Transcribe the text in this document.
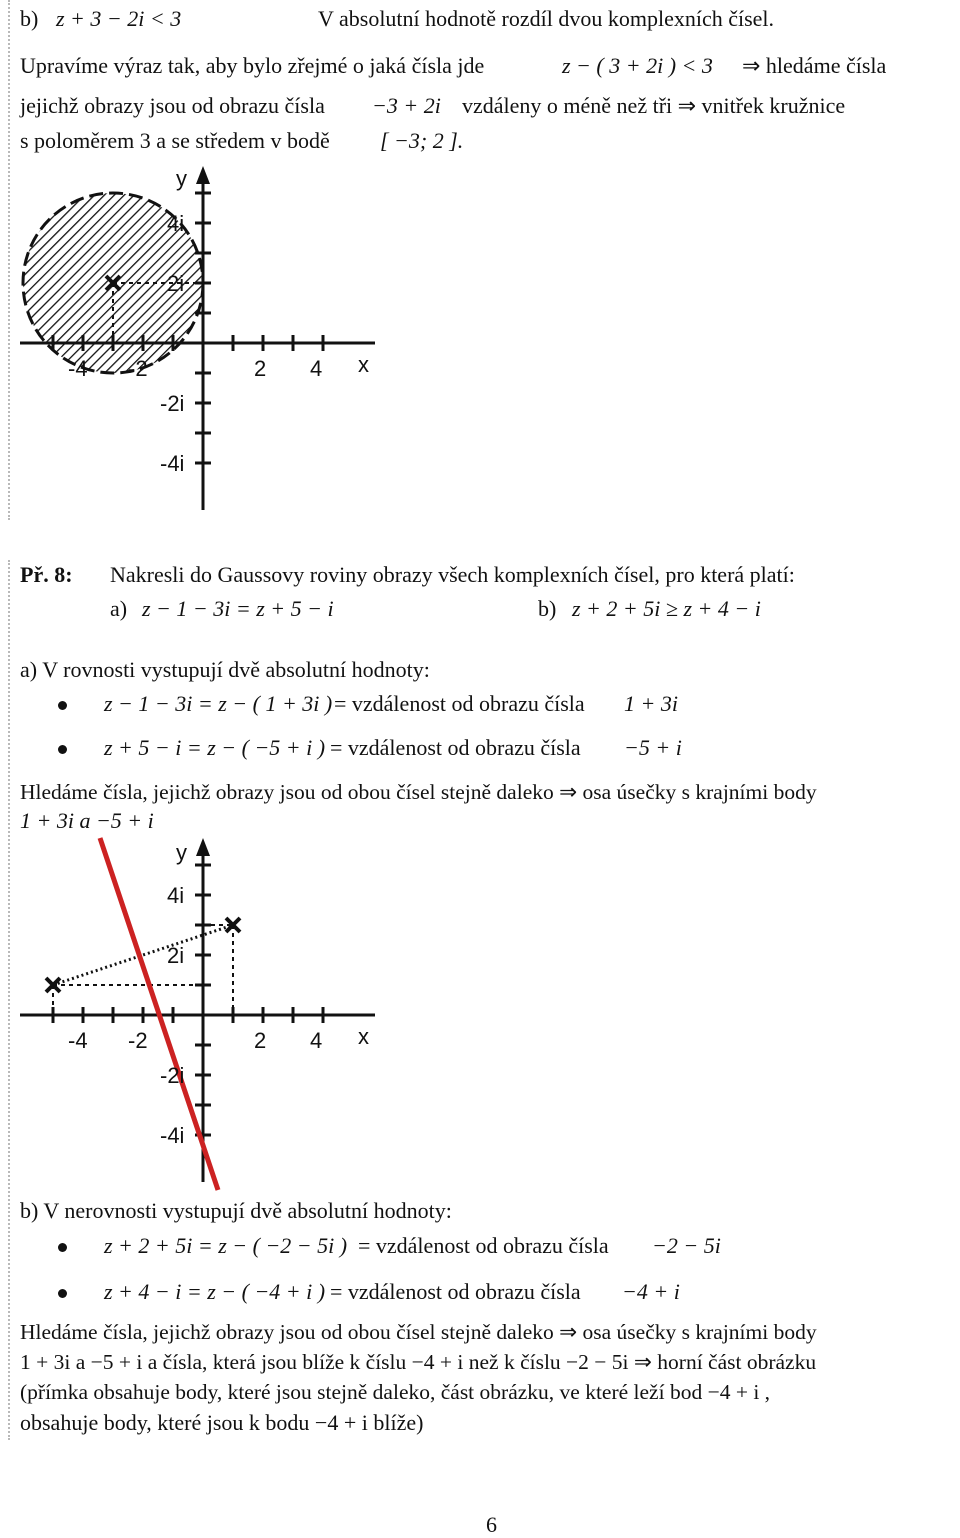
b) z + 3 − 2i < 3	V absolutní hodnotě rozdíl dvou komplexních čísel.
Upravíme výraz tak, aby bylo zřejmé o jaká čísla jde	z − ( 3 + 2i ) < 3 ⇒ hledáme čísla
jejichž obrazy jsou od obrazu čísla −3 + 2i vzdáleny o méně než tři ⇒ vnitřek kružnice
s poloměrem 3 a se středem v bodě [ −3; 2 ].
y
x
-4 -2	2 4
4i
2i
-2i
-4i
Př. 8: Nakresli do Gaussovy roviny obrazy všech komplexních čísel, pro která platí:
a) z − 1 − 3i = z + 5 − i	b) z + 2 + 5i ≥ z + 4 − i
a) V rovnosti vystupují dvě absolutní hodnoty:
z − 1 − 3i = z − ( 1 + 3i ) = vzdálenost od obrazu čísla 1 + 3i
z + 5 − i = z − ( −5 + i ) = vzdálenost od obrazu čísla −5 + i
Hledáme čísla, jejichž obrazy jsou od obou čísel stejně daleko ⇒ osa úsečky s krajními body
1 + 3i a −5 + i
y
x
-4 -2	2 4
4i
2i
-2i
-4i
b) V nerovnosti vystupují dvě absolutní hodnoty:
z + 2 + 5i = z − ( −2 − 5i ) = vzdálenost od obrazu čísla −2 − 5i
z + 4 − i = z − ( −4 + i ) = vzdálenost od obrazu čísla −4 + i
Hledáme čísla, jejichž obrazy jsou od obou čísel stejně daleko ⇒ osa úsečky s krajními body
1 + 3i a −5 + i a čísla, která jsou blíže k číslu −4 + i než k číslu −2 − 5i ⇒ horní část obrázku
(přímka obsahuje body, které jsou stejně daleko, část obrázku, ve které leží bod −4 + i ,
obsahuje body, které jsou k bodu −4 + i blíže)
6
